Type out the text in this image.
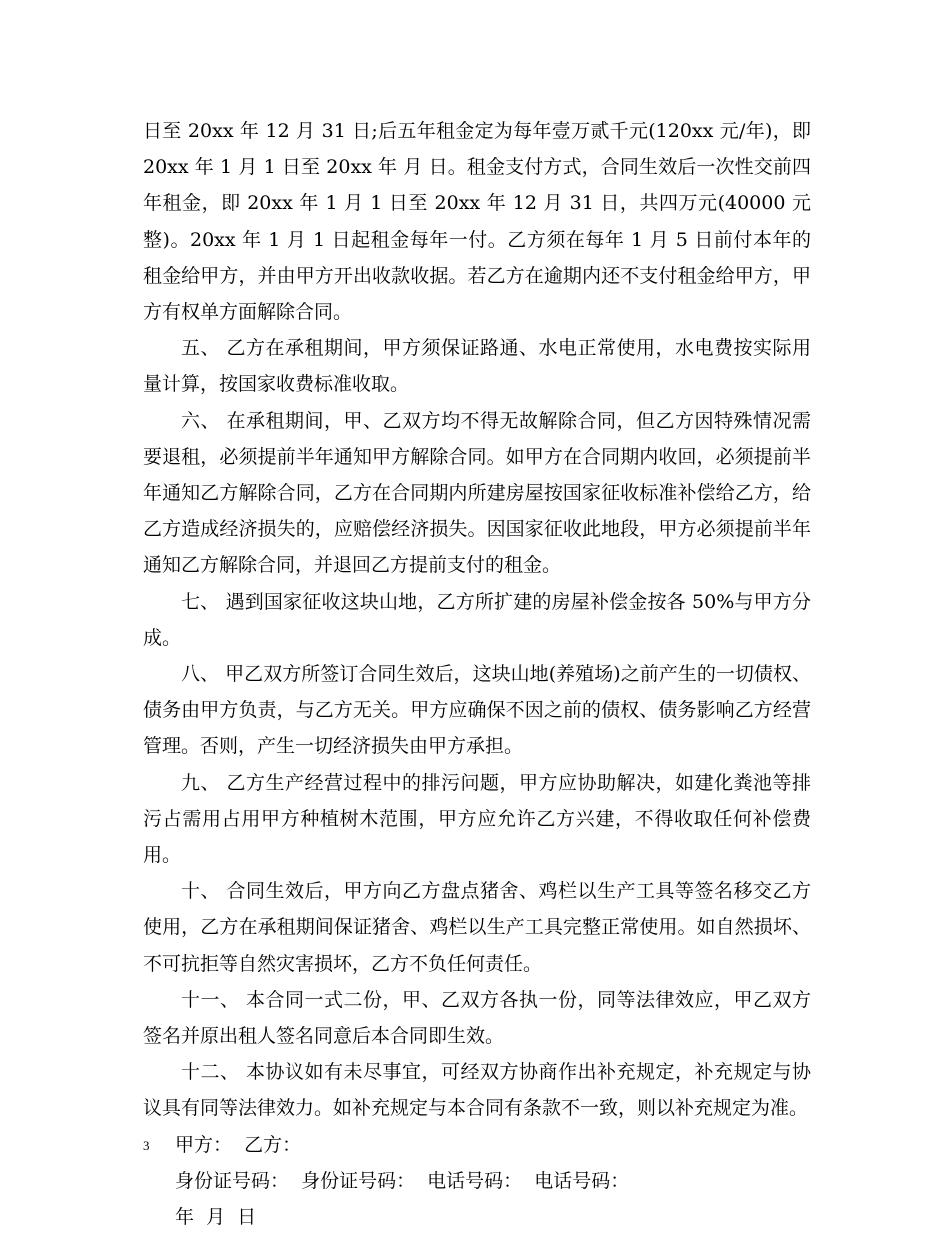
日至 20xx 年 12 月 31 日;后五年租金定为每年壹万贰千元(120xx 元/年)，即 20xx 年 1 月 1 日至 20xx 年 月 日。租金支付方式，合同生效后一次性交前四年租金，即 20xx 年 1 月 1 日至 20xx 年 12 月 31 日，共四万元(40000 元整)。20xx 年 1 月 1 日起租金每年一付。乙方须在每年 1 月 5 日前付本年的租金给甲方，并由甲方开出收款收据。若乙方在逾期内还不支付租金给甲方，甲方有权单方面解除合同。

五、 乙方在承租期间，甲方须保证路通、水电正常使用，水电费按实际用量计算，按国家收费标准收取。

六、 在承租期间，甲、乙双方均不得无故解除合同，但乙方因特殊情况需要退租，必须提前半年通知甲方解除合同。如甲方在合同期内收回，必须提前半年通知乙方解除合同，乙方在合同期内所建房屋按国家征收标准补偿给乙方，给乙方造成经济损失的，应赔偿经济损失。因国家征收此地段，甲方必须提前半年通知乙方解除合同，并退回乙方提前支付的租金。

七、 遇到国家征收这块山地，乙方所扩建的房屋补偿金按各 50%与甲方分成。

八、 甲乙双方所签订合同生效后，这块山地(养殖场)之前产生的一切债权、债务由甲方负责，与乙方无关。甲方应确保不因之前的债权、债务影响乙方经营管理。否则，产生一切经济损失由甲方承担。

九、 乙方生产经营过程中的排污问题，甲方应协助解决，如建化粪池等排污占需用占用甲方种植树木范围，甲方应允许乙方兴建，不得收取任何补偿费用。

十、 合同生效后，甲方向乙方盘点猪舍、鸡栏以生产工具等签名移交乙方使用，乙方在承租期间保证猪舍、鸡栏以生产工具完整正常使用。如自然损坏、不可抗拒等自然灾害损坏，乙方不负任何责任。

十一、 本合同一式二份，甲、乙双方各执一份，同等法律效应，甲乙双方签名并原出租人签名同意后本合同即生效。

十二、 本协议如有未尽事宜，可经双方协商作出补充规定，补充规定与协议具有同等法律效力。如补充规定与本合同有条款不一致，则以补充规定为准。

甲方：  乙方：

身份证号码：  身份证号码：  电话号码：  电话号码：

年  月  日

3
